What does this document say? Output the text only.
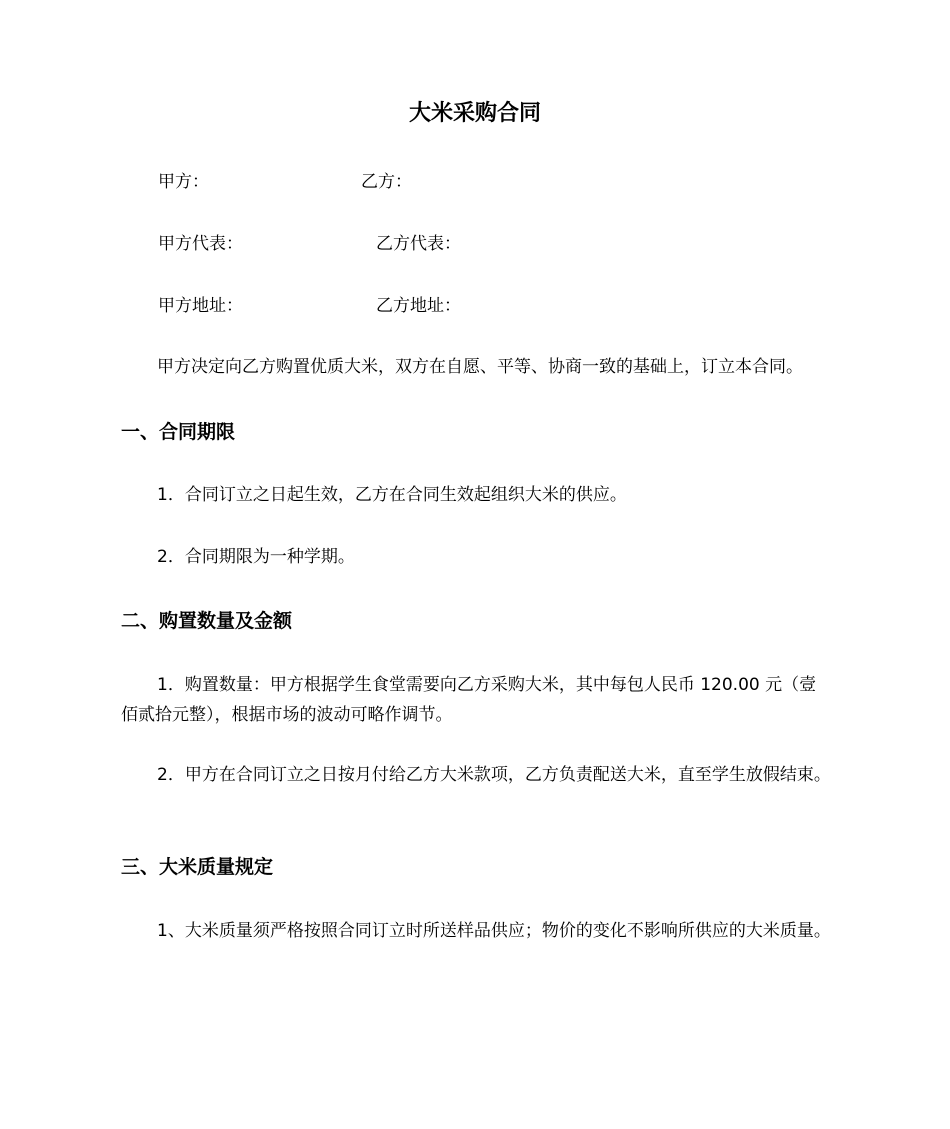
大米采购合同
甲方：	乙方：
甲方代表：	乙方代表：
甲方地址：	乙方地址：
甲方决定向乙方购置优质大米，双方在自愿、平等、协商一致的基础上，订立本合同。
一、合同期限
1．合同订立之日起生效，乙方在合同生效起组织大米的供应。
2．合同期限为一种学期。
二、购置数量及金额
1．购置数量：甲方根据学生食堂需要向乙方采购大米，其中每包人民币 120.00 元（壹佰贰拾元整），根据市场的波动可略作调节。
2．甲方在合同订立之日按月付给乙方大米款项，乙方负责配送大米，直至学生放假结束。
三、大米质量规定
1、大米质量须严格按照合同订立时所送样品供应；物价的变化不影响所供应的大米质量。
